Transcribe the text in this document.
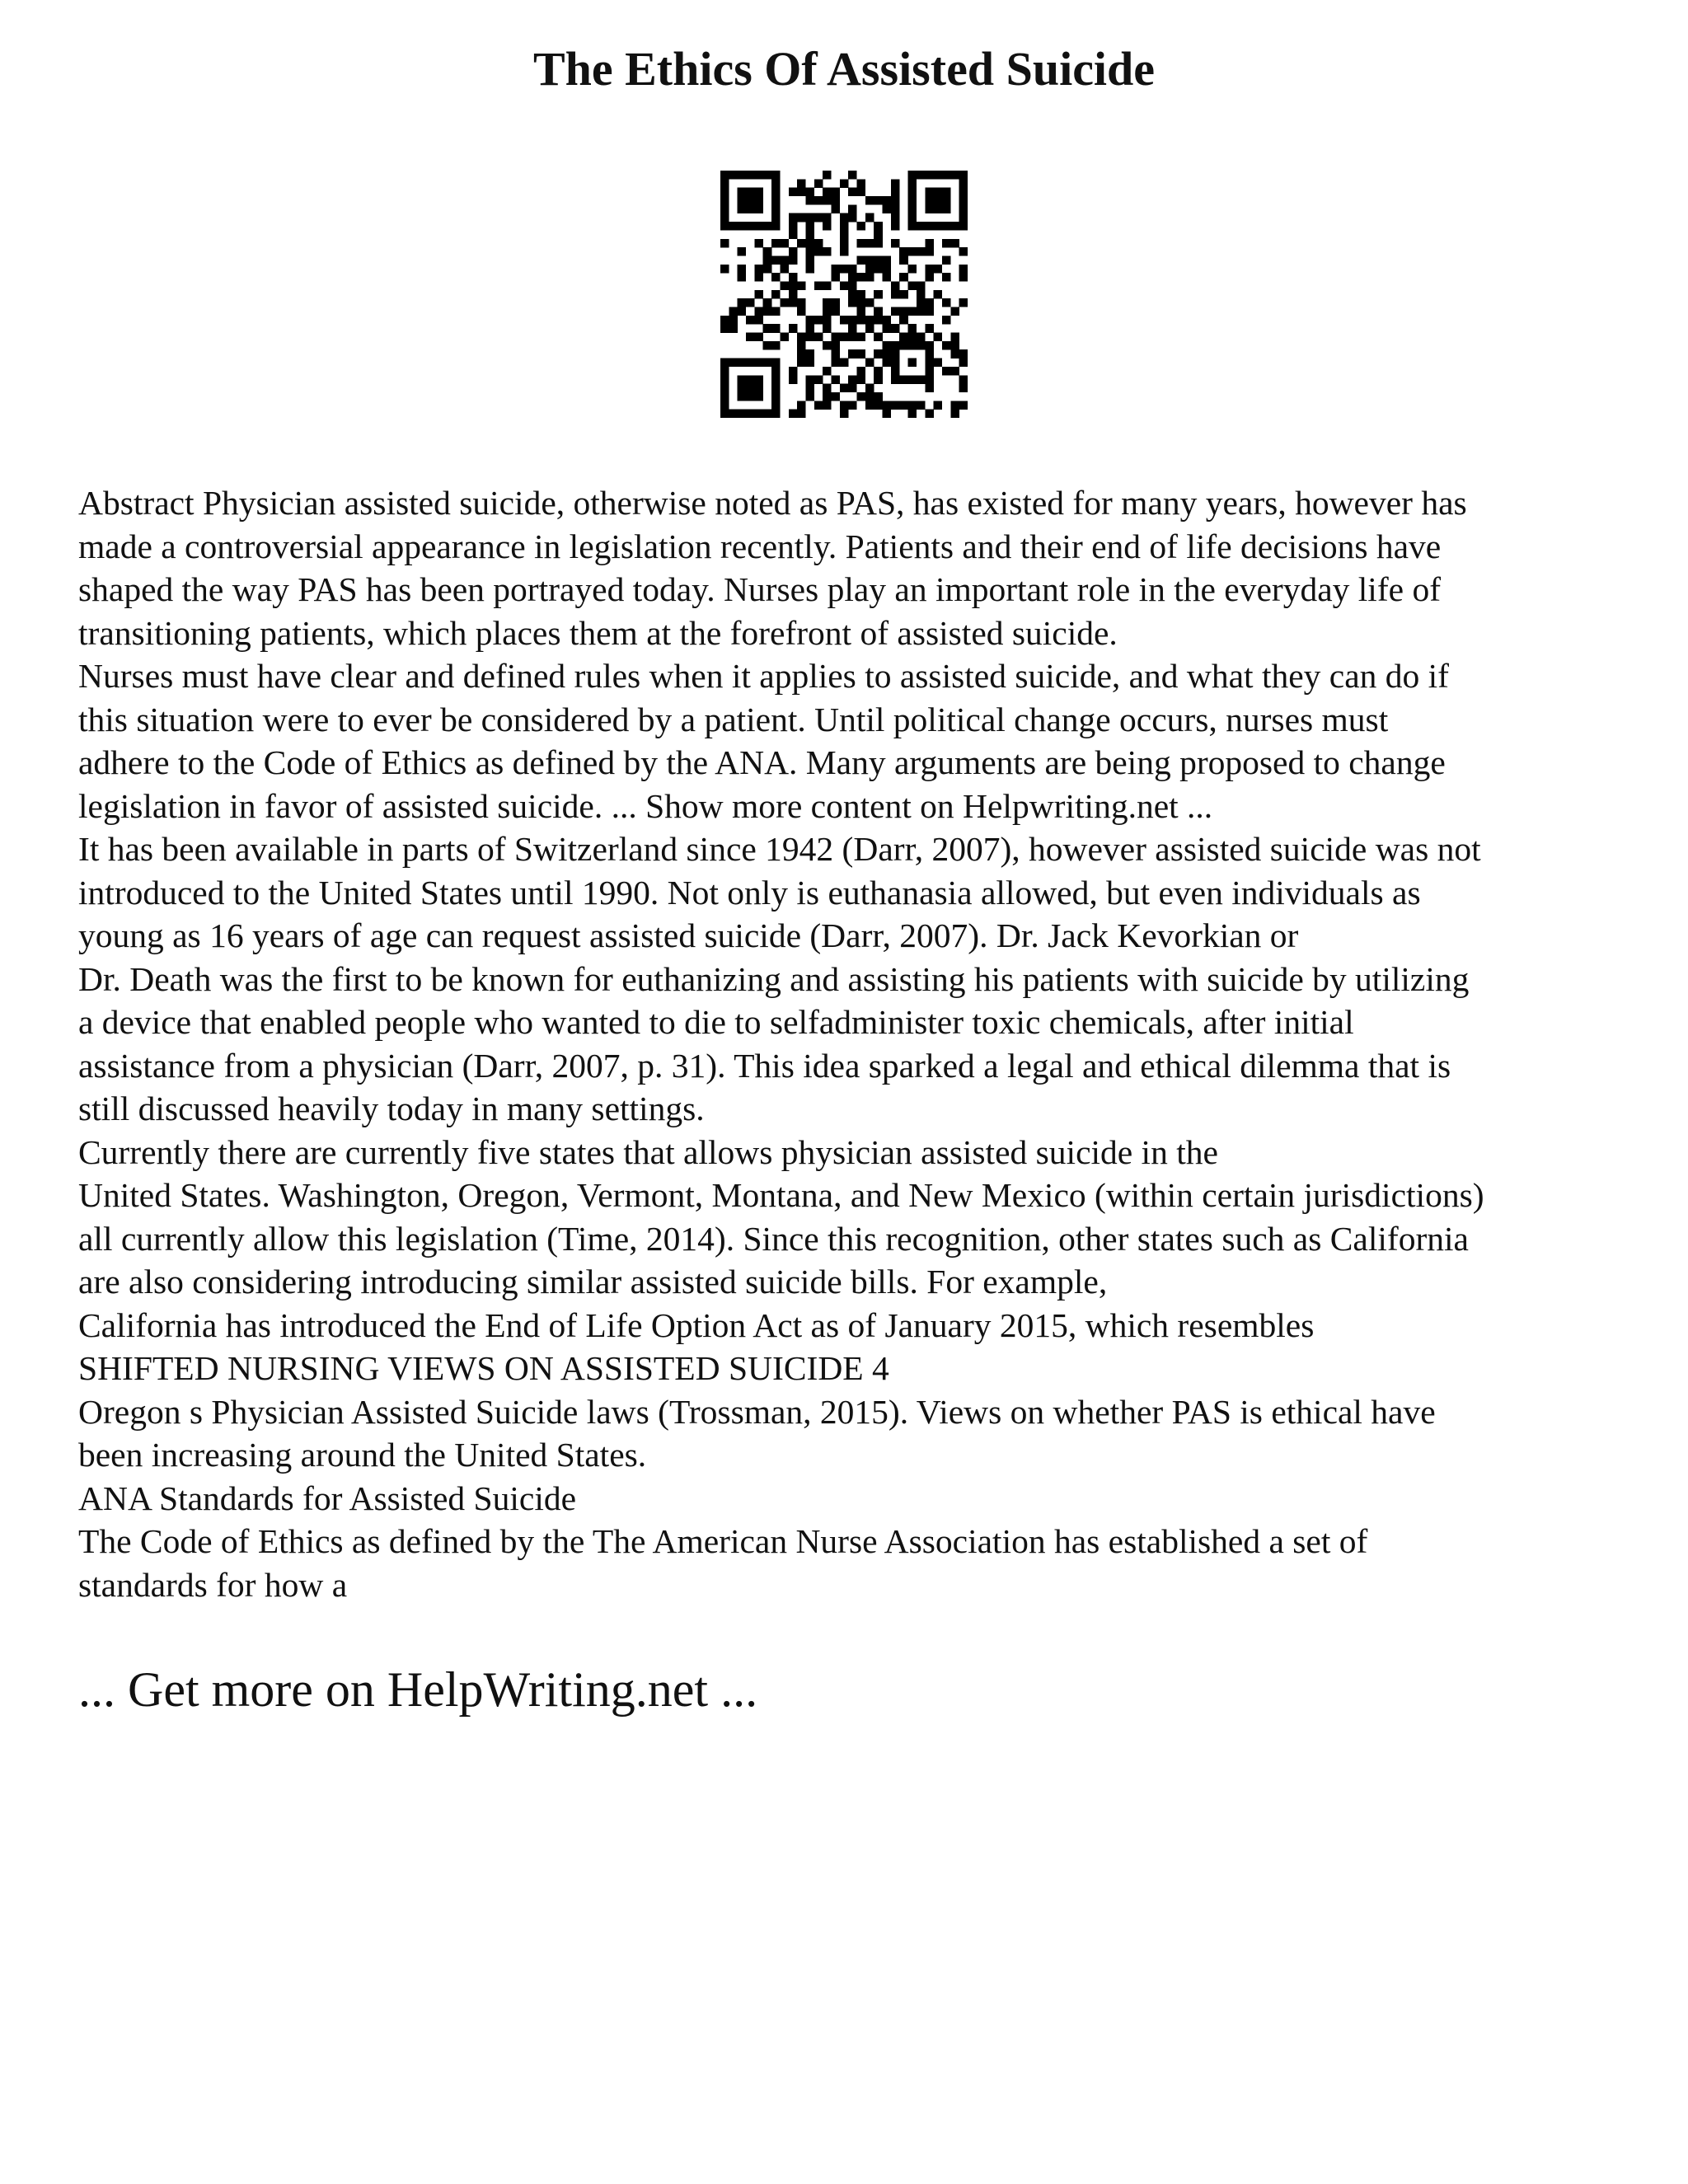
The Ethics Of Assisted Suicide
Abstract Physician assisted suicide, otherwise noted as PAS, has existed for many years, however has
made a controversial appearance in legislation recently. Patients and their end of life decisions have
shaped the way PAS has been portrayed today. Nurses play an important role in the everyday life of
transitioning patients, which places them at the forefront of assisted suicide.
Nurses must have clear and defined rules when it applies to assisted suicide, and what they can do if
this situation were to ever be considered by a patient. Until political change occurs, nurses must
adhere to the Code of Ethics as defined by the ANA. Many arguments are being proposed to change
legislation in favor of assisted suicide. ... Show more content on Helpwriting.net ...
It has been available in parts of Switzerland since 1942 (Darr, 2007), however assisted suicide was not
introduced to the United States until 1990. Not only is euthanasia allowed, but even individuals as
young as 16 years of age can request assisted suicide (Darr, 2007). Dr. Jack Kevorkian or
Dr. Death was the first to be known for euthanizing and assisting his patients with suicide by utilizing
a device that enabled people who wanted to die to selfadminister toxic chemicals, after initial
assistance from a physician (Darr, 2007, p. 31). This idea sparked a legal and ethical dilemma that is
still discussed heavily today in many settings.
Currently there are currently five states that allows physician assisted suicide in the
United States. Washington, Oregon, Vermont, Montana, and New Mexico (within certain jurisdictions)
all currently allow this legislation (Time, 2014). Since this recognition, other states such as California
are also considering introducing similar assisted suicide bills. For example,
California has introduced the End of Life Option Act as of January 2015, which resembles
SHIFTED NURSING VIEWS ON ASSISTED SUICIDE 4
Oregon s Physician Assisted Suicide laws (Trossman, 2015). Views on whether PAS is ethical have
been increasing around the United States.
ANA Standards for Assisted Suicide
The Code of Ethics as defined by the The American Nurse Association has established a set of
standards for how a
... Get more on HelpWriting.net ...
